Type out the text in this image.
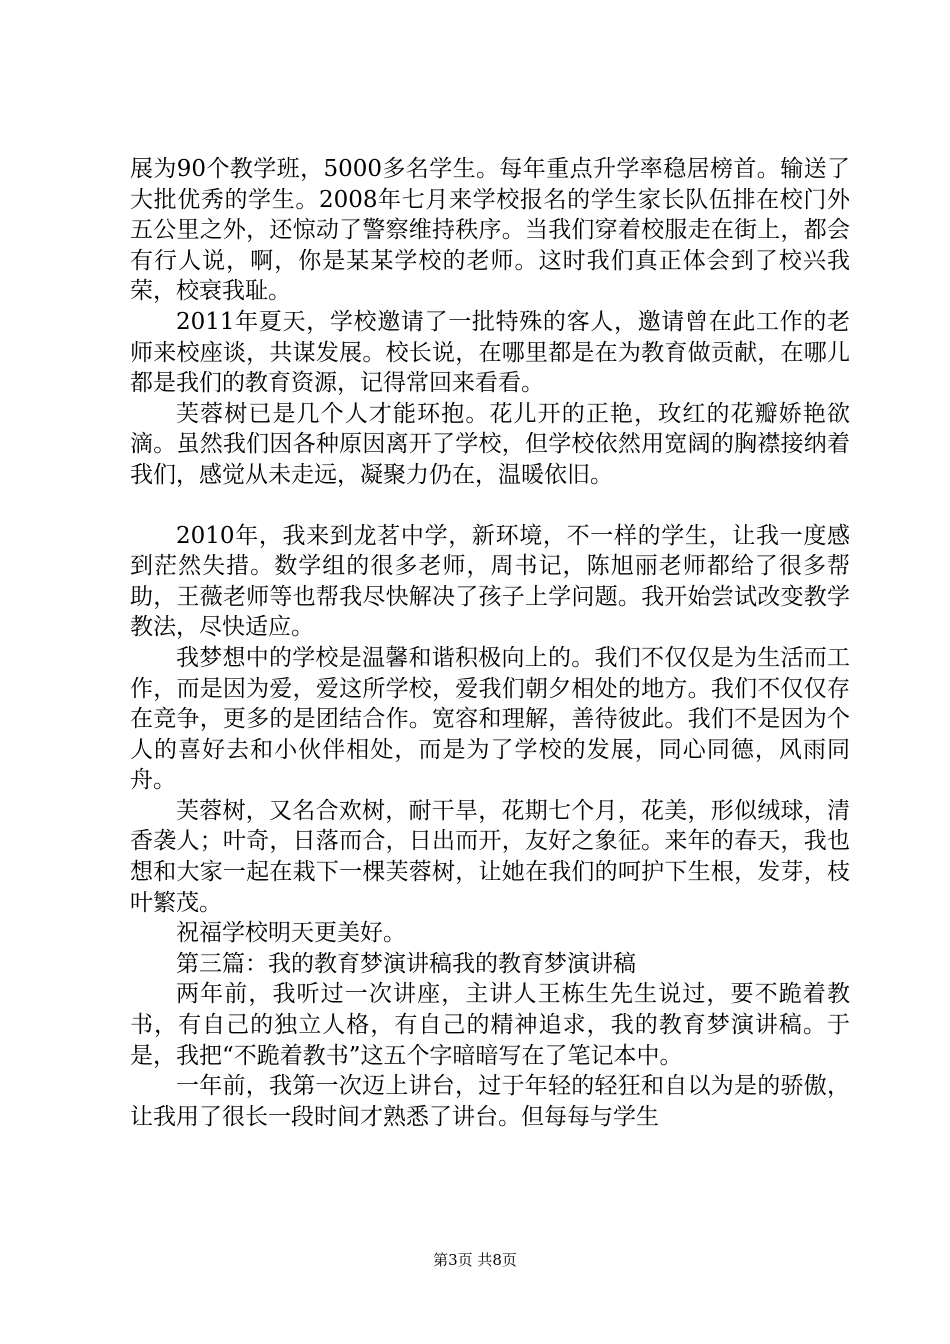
展为90个教学班，5000多名学生。每年重点升学率稳居榜首。输送了大批优秀的学生。2008年七月来学校报名的学生家长队伍排在校门外五公里之外，还惊动了警察维持秩序。当我们穿着校服走在街上，都会有行人说，啊，你是某某学校的老师。这时我们真正体会到了校兴我荣，校衰我耻。

2011年夏天，学校邀请了一批特殊的客人，邀请曾在此工作的老师来校座谈，共谋发展。校长说，在哪里都是在为教育做贡献，在哪儿都是我们的教育资源，记得常回来看看。

芙蓉树已是几个人才能环抱。花儿开的正艳，玫红的花瓣娇艳欲滴。虽然我们因各种原因离开了学校，但学校依然用宽阔的胸襟接纳着我们，感觉从未走远，凝聚力仍在，温暖依旧。

2010年，我来到龙茗中学，新环境，不一样的学生，让我一度感到茫然失措。数学组的很多老师，周书记，陈旭丽老师都给了很多帮助，王薇老师等也帮我尽快解决了孩子上学问题。我开始尝试改变教学教法，尽快适应。

我梦想中的学校是温馨和谐积极向上的。我们不仅仅是为生活而工作，而是因为爱，爱这所学校，爱我们朝夕相处的地方。我们不仅仅存在竞争，更多的是团结合作。宽容和理解，善待彼此。我们不是因为个人的喜好去和小伙伴相处，而是为了学校的发展，同心同德，风雨同舟。

芙蓉树，又名合欢树，耐干旱，花期七个月，花美，形似绒球，清香袭人；叶奇，日落而合，日出而开，友好之象征。来年的春天，我也想和大家一起在栽下一棵芙蓉树，让她在我们的呵护下生根，发芽，枝叶繁茂。

祝福学校明天更美好。

第三篇：我的教育梦演讲稿我的教育梦演讲稿

两年前，我听过一次讲座，主讲人王栋生先生说过，要不跪着教书，有自己的独立人格，有自己的精神追求，我的教育梦演讲稿。于是，我把“不跪着教书”这五个字暗暗写在了笔记本中。

一年前，我第一次迈上讲台，过于年轻的轻狂和自以为是的骄傲，让我用了很长一段时间才熟悉了讲台。但每每与学生

第3页 共8页
